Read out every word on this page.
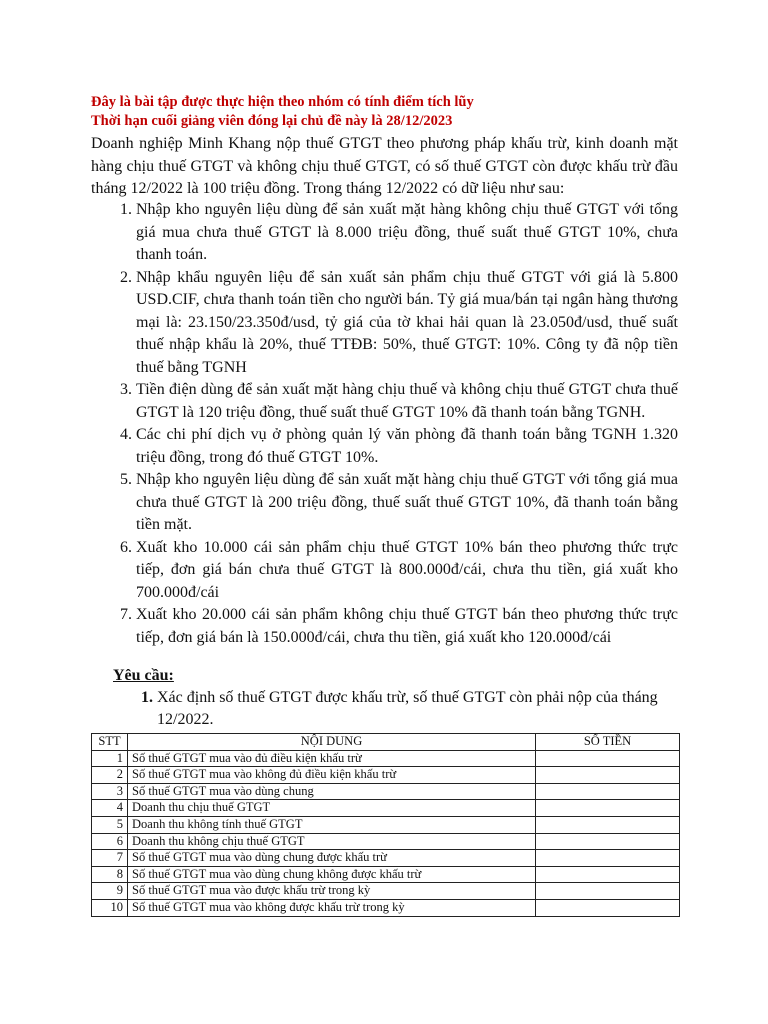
Đây là bài tập được thực hiện theo nhóm có tính điểm tích lũy
Thời hạn cuối giảng viên đóng lại chủ đề này là 28/12/2023
Doanh nghiệp Minh Khang nộp thuế GTGT theo phương pháp khấu trừ, kinh doanh mặt hàng chịu thuế GTGT và không chịu thuế GTGT, có số thuế GTGT còn được khấu trừ đầu tháng 12/2022 là 100 triệu đồng. Trong tháng 12/2022 có dữ liệu như sau:
1. Nhập kho nguyên liệu dùng để sản xuất mặt hàng không chịu thuế GTGT với tổng giá mua chưa thuế GTGT là 8.000 triệu đồng, thuế suất thuế GTGT 10%, chưa thanh toán.
2. Nhập khẩu nguyên liệu để sản xuất sản phẩm chịu thuế GTGT với giá là 5.800 USD.CIF, chưa thanh toán tiền cho người bán. Tỷ giá mua/bán tại ngân hàng thương mại là: 23.150/23.350đ/usd, tỷ giá của tờ khai hải quan là 23.050đ/usd, thuế suất thuế nhập khẩu là 20%, thuế TTĐB: 50%, thuế GTGT: 10%. Công ty đã nộp tiền thuế bằng TGNH
3. Tiền điện dùng để sản xuất mặt hàng chịu thuế và không chịu thuế GTGT chưa thuế GTGT là 120 triệu đồng, thuế suất thuế GTGT 10% đã thanh toán bằng TGNH.
4. Các chi phí dịch vụ ở phòng quản lý văn phòng đã thanh toán bằng TGNH 1.320 triệu đồng, trong đó thuế GTGT 10%.
5. Nhập kho nguyên liệu dùng để sản xuất mặt hàng chịu thuế GTGT với tổng giá mua chưa thuế GTGT là 200 triệu đồng, thuế suất thuế GTGT 10%, đã thanh toán bằng tiền mặt.
6. Xuất kho 10.000 cái sản phẩm chịu thuế GTGT 10% bán theo phương thức trực tiếp, đơn giá bán chưa thuế GTGT là 800.000đ/cái, chưa thu tiền, giá xuất kho 700.000đ/cái
7. Xuất kho 20.000 cái sản phẩm không chịu thuế GTGT bán theo phương thức trực tiếp, đơn giá bán là 150.000đ/cái, chưa thu tiền, giá xuất kho 120.000đ/cái
Yêu cầu:
1. Xác định số thuế GTGT được khấu trừ, số thuế GTGT còn phải nộp của tháng 12/2022.
STT	NỘI DUNG	SỐ TIỀN
1	Số thuế GTGT mua vào đủ điều kiện khấu trừ	
2	Số thuế GTGT mua vào không đủ điều kiện khấu trừ	
3	Số thuế GTGT mua vào dùng chung	
4	Doanh thu chịu thuế GTGT	
5	Doanh thu không tính thuế GTGT	
6	Doanh thu không chịu thuế GTGT	
7	Số thuế GTGT mua vào dùng chung được khấu trừ	
8	Số thuế GTGT mua vào dùng chung không được khấu trừ	
9	Số thuế GTGT mua vào được khấu trừ trong kỳ	
10	Số thuế GTGT mua vào không được khấu trừ trong kỳ	
